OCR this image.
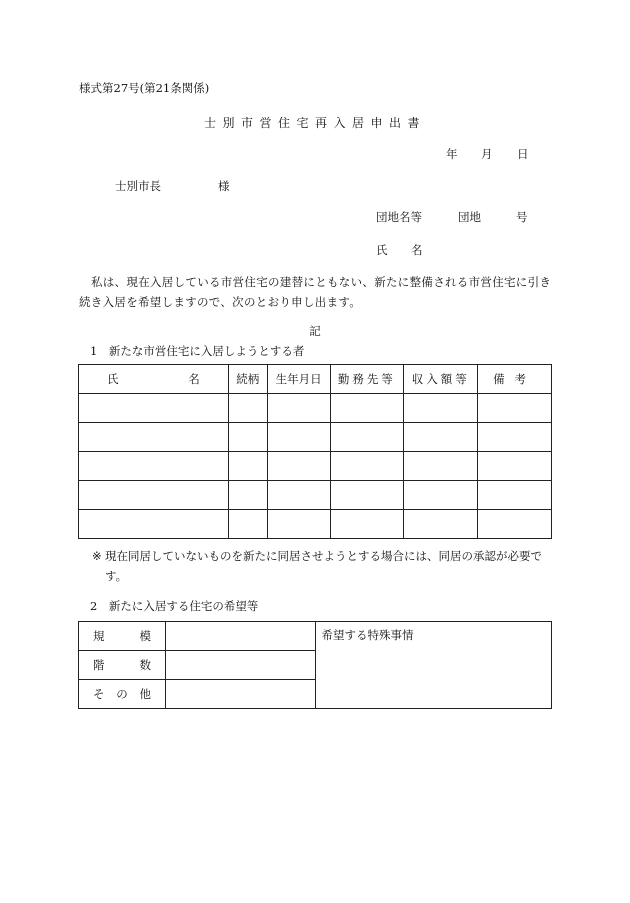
様式第27号(第21条関係)
士別市営住宅再入居申出書
年 月 日
士別市長	様
団地名等	団地	号
氏 名
私は、現在入居している市営住宅の建替にともない、新たに整備される市営住宅に引き続き入居を希望しますので、次のとおり申し出ます。
記
1　新たな市営住宅に入居しようとする者
氏 名	続柄	生年月日	勤務先等	収入額等	備考

※ 現在同居していないものを新たに同居させようとする場合には、同居の承認が必要です。
2　新たに入居する住宅の希望等
規 模		希望する特殊事情

階 数		

そ の 他		
